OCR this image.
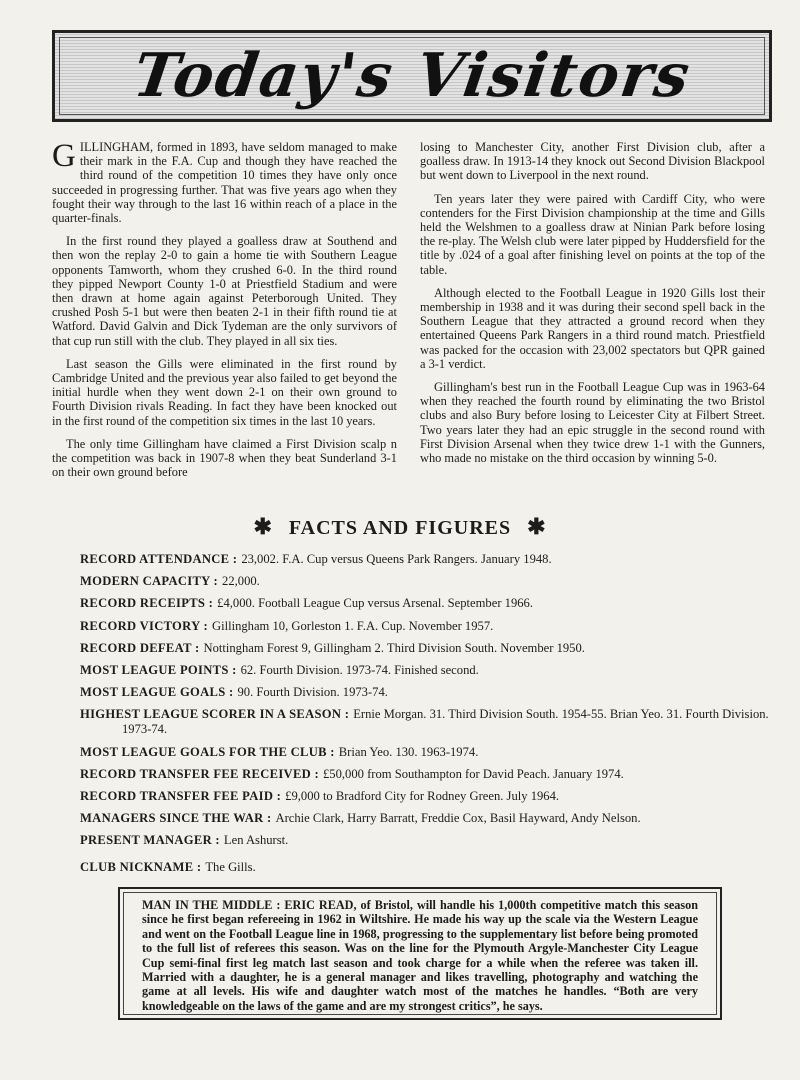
Today's Visitors

GILLINGHAM, formed in 1893, have seldom managed to make their mark in the F.A. Cup and though they have reached the third round of the competition 10 times they have only once succeeded in progressing further. That was five years ago when they fought their way through to the last 16 within reach of a place in the quarter-finals.

In the first round they played a goalless draw at Southend and then won the replay 2-0 to gain a home tie with Southern League opponents Tamworth, whom they crushed 6-0. In the third round they pipped Newport County 1-0 at Priestfield Stadium and were then drawn at home again against Peterborough United. They crushed Posh 5-1 but were then beaten 2-1 in their fifth round tie at Watford. David Galvin and Dick Tydeman are the only survivors of that cup run still with the club. They played in all six ties.

Last season the Gills were eliminated in the first round by Cambridge United and the previous year also failed to get beyond the initial hurdle when they went down 2-1 on their own ground to Fourth Division rivals Reading. In fact they have been knocked out in the first round of the competition six times in the last 10 years.

The only time Gillingham have claimed a First Division scalp n the competition was back in 1907-8 when they beat Sunderland 3-1 on their own ground before

losing to Manchester City, another First Division club, after a goalless draw. In 1913-14 they knock out Second Division Blackpool but went down to Liverpool in the next round.

Ten years later they were paired with Cardiff City, who were contenders for the First Division championship at the time and Gills held the Welshmen to a goalless draw at Ninian Park before losing the re-play. The Welsh club were later pipped by Huddersfield for the title by .024 of a goal after finishing level on points at the top of the table.

Although elected to the Football League in 1920 Gills lost their membership in 1938 and it was during their second spell back in the Southern League that they attracted a ground record when they entertained Queens Park Rangers in a third round match. Priestfield was packed for the occasion with 23,002 spectators but QPR gained a 3-1 verdict.

Gillingham's best run in the Football League Cup was in 1963-64 when they reached the fourth round by eliminating the two Bristol clubs and also Bury before losing to Leicester City at Filbert Street. Two years later they had an epic struggle in the second round with First Division Arsenal when they twice drew 1-1 with the Gunners, who made no mistake on the third occasion by winning 5-0.

✱ FACTS AND FIGURES ✱
RECORD ATTENDANCE : 23,002. F.A. Cup versus Queens Park Rangers. January 1948.
MODERN CAPACITY : 22,000.
RECORD RECEIPTS : £4,000. Football League Cup versus Arsenal. September 1966.
RECORD VICTORY : Gillingham 10, Gorleston 1. F.A. Cup. November 1957.
RECORD DEFEAT : Nottingham Forest 9, Gillingham 2. Third Division South. November 1950.
MOST LEAGUE POINTS : 62. Fourth Division. 1973-74. Finished second.
MOST LEAGUE GOALS : 90. Fourth Division. 1973-74.
HIGHEST LEAGUE SCORER IN A SEASON : Ernie Morgan. 31. Third Division South. 1954-55. Brian Yeo. 31. Fourth Division. 1973-74.
MOST LEAGUE GOALS FOR THE CLUB : Brian Yeo. 130. 1963-1974.
RECORD TRANSFER FEE RECEIVED : £50,000 from Southampton for David Peach. January 1974.
RECORD TRANSFER FEE PAID : £9,000 to Bradford City for Rodney Green. July 1964.
MANAGERS SINCE THE WAR : Archie Clark, Harry Barratt, Freddie Cox, Basil Hayward, Andy Nelson.
PRESENT MANAGER : Len Ashurst.
CLUB NICKNAME : The Gills.
MAN IN THE MIDDLE : ERIC READ, of Bristol, will handle his 1,000th competitive match this season since he first began refereeing in 1962 in Wiltshire. He made his way up the scale via the Western League and went on the Football League line in 1968, progressing to the supplementary list before being promoted to the full list of referees this season. Was on the line for the Plymouth Argyle-Manchester City League Cup semi-final first leg match last season and took charge for a while when the referee was taken ill. Married with a daughter, he is a general manager and likes travelling, photography and watching the game at all levels. His wife and daughter watch most of the matches he handles. “Both are very knowledgeable on the laws of the game and are my strongest critics”, he says.
